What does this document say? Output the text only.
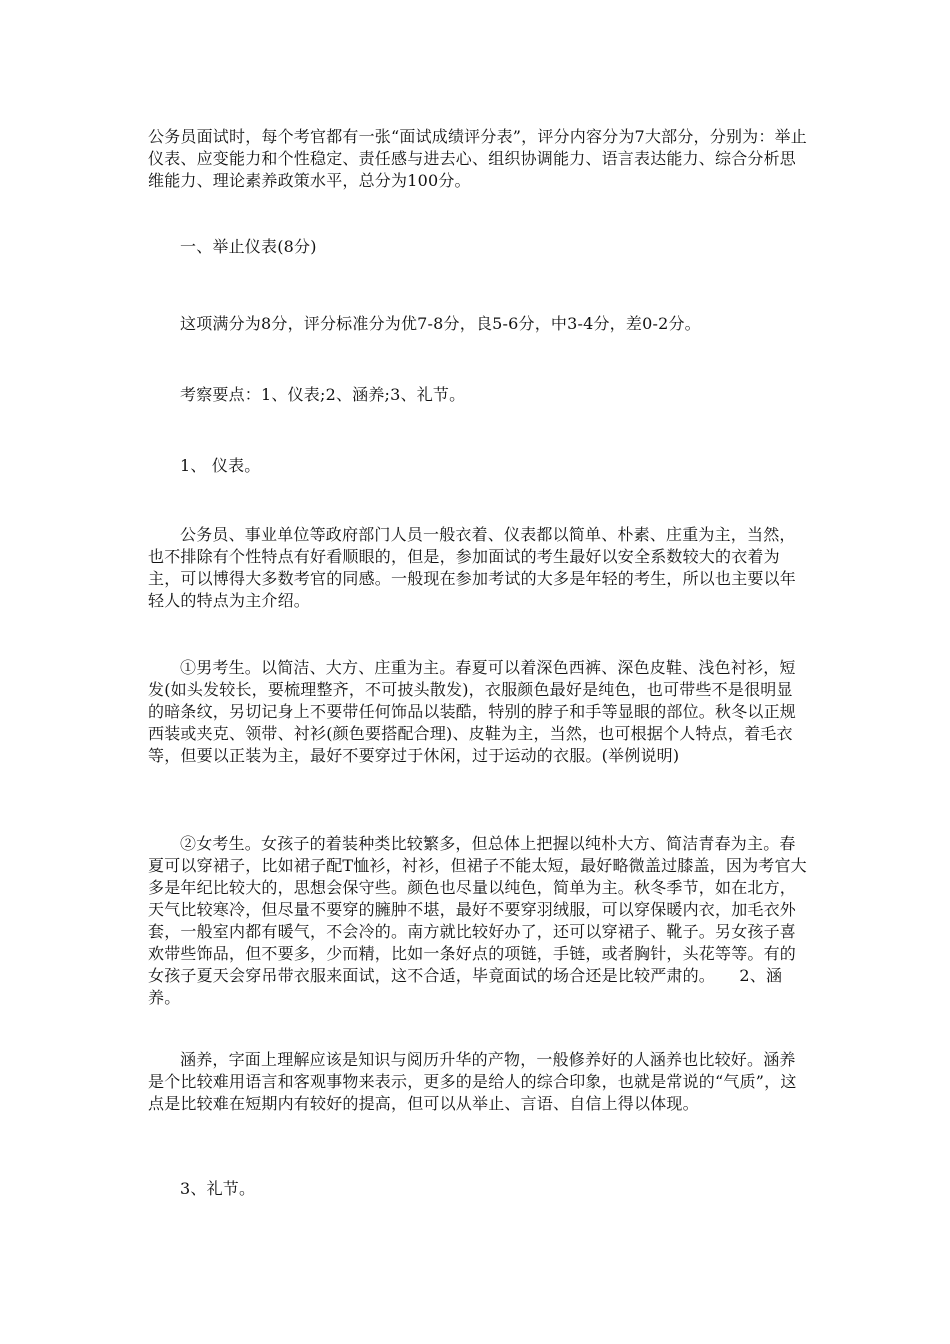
公务员面试时，每个考官都有一张“面试成绩评分表”，评分内容分为7大部分，分别为：举止仪表、应变能力和个性稳定、责任感与进去心、组织协调能力、语言表达能力、综合分析思维能力、理论素养政策水平，总分为100分。

一、举止仪表(8分)

这项满分为8分，评分标准分为优7-8分，良5-6分，中3-4分，差0-2分。

考察要点：1、仪表;2、涵养;3、礼节。

1、 仪表。

公务员、事业单位等政府部门人员一般衣着、仪表都以简单、朴素、庄重为主，当然，也不排除有个性特点有好看顺眼的，但是，参加面试的考生最好以安全系数较大的衣着为主，可以博得大多数考官的同感。一般现在参加考试的大多是年轻的考生，所以也主要以年轻人的特点为主介绍。

①男考生。以简洁、大方、庄重为主。春夏可以着深色西裤、深色皮鞋、浅色衬衫，短发(如头发较长，要梳理整齐，不可披头散发)，衣服颜色最好是纯色，也可带些不是很明显的暗条纹，另切记身上不要带任何饰品以装酷，特别的脖子和手等显眼的部位。秋冬以正规西装或夹克、领带、衬衫(颜色要搭配合理)、皮鞋为主，当然，也可根据个人特点，着毛衣等，但要以正装为主，最好不要穿过于休闲，过于运动的衣服。(举例说明)

②女考生。女孩子的着装种类比较繁多，但总体上把握以纯朴大方、简洁青春为主。春夏可以穿裙子，比如裙子配T恤衫，衬衫，但裙子不能太短，最好略微盖过膝盖，因为考官大多是年纪比较大的，思想会保守些。颜色也尽量以纯色，简单为主。秋冬季节，如在北方，天气比较寒冷，但尽量不要穿的臃肿不堪，最好不要穿羽绒服，可以穿保暖内衣，加毛衣外套，一般室内都有暖气，不会冷的。南方就比较好办了，还可以穿裙子、靴子。另女孩子喜欢带些饰品，但不要多，少而精，比如一条好点的项链，手链，或者胸针，头花等等。有的女孩子夏天会穿吊带衣服来面试，这不合适，毕竟面试的场合还是比较严肃的。　　2、涵养。

涵养，字面上理解应该是知识与阅历升华的产物，一般修养好的人涵养也比较好。涵养是个比较难用语言和客观事物来表示，更多的是给人的综合印象，也就是常说的“气质”，这点是比较难在短期内有较好的提高，但可以从举止、言语、自信上得以体现。

3、礼节。
